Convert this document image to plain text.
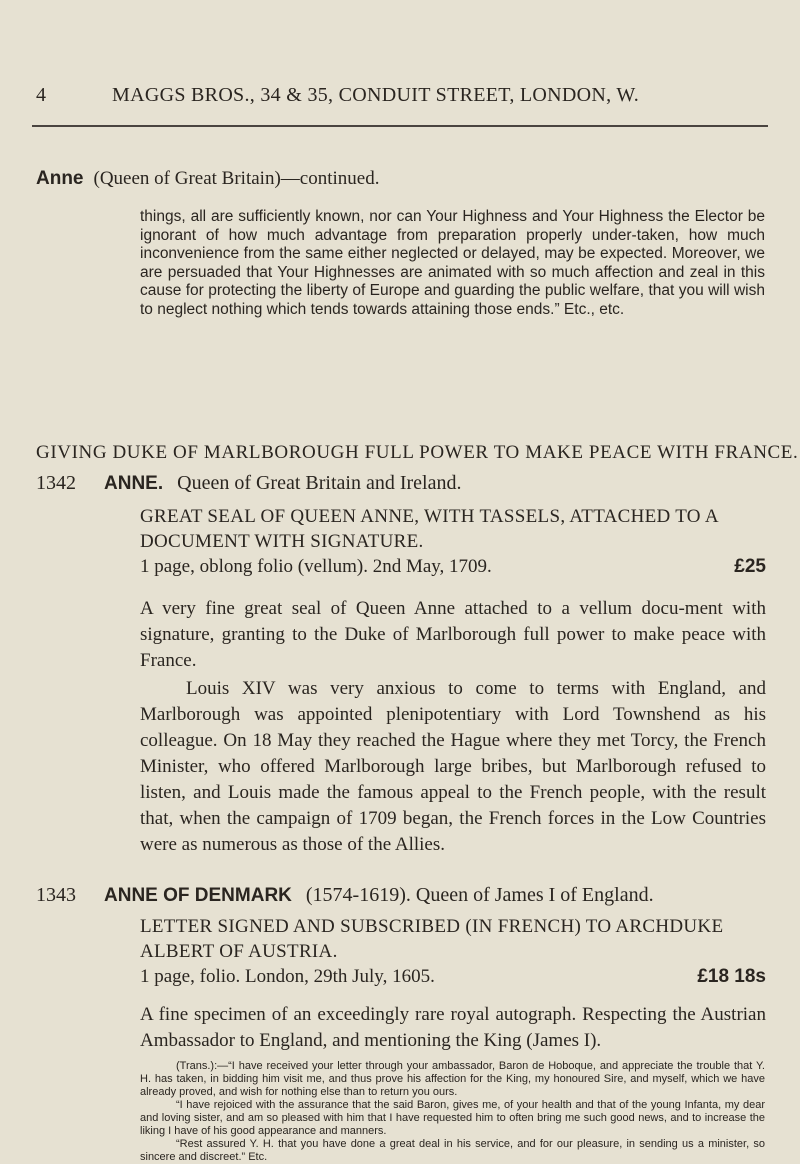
4	MAGGS BROS., 34 & 35, CONDUIT STREET, LONDON, W.
Anne (Queen of Great Britain)—continued.
things, all are sufficiently known, nor can Your Highness and Your Highness the Elector be ignorant of how much advantage from preparation properly under-taken, how much inconvenience from the same either neglected or delayed, may be expected. Moreover, we are persuaded that Your Highnesses are animated with so much affection and zeal in this cause for protecting the liberty of Europe and guarding the public welfare, that you will wish to neglect nothing which tends towards attaining those ends.” Etc., etc.
GIVING DUKE OF MARLBOROUGH FULL POWER TO MAKE PEACE WITH FRANCE.
1342 ANNE. Queen of Great Britain and Ireland.
GREAT SEAL OF QUEEN ANNE, WITH TASSELS, ATTACHED TO A DOCUMENT WITH SIGNATURE.
1 page, oblong folio (vellum). 2nd May, 1709.	£25
A very fine great seal of Queen Anne attached to a vellum docu-ment with signature, granting to the Duke of Marlborough full power to make peace with France.
Louis XIV was very anxious to come to terms with England, and Marlborough was appointed plenipotentiary with Lord Townshend as his colleague. On 18 May they reached the Hague where they met Torcy, the French Minister, who offered Marlborough large bribes, but Marlborough refused to listen, and Louis made the famous appeal to the French people, with the result that, when the campaign of 1709 began, the French forces in the Low Countries were as numerous as those of the Allies.
1343 ANNE OF DENMARK (1574-1619). Queen of James I of England.
LETTER SIGNED AND SUBSCRIBED (IN FRENCH) TO ARCHDUKE ALBERT OF AUSTRIA.
1 page, folio. London, 29th July, 1605.	£18 18s
A fine specimen of an exceedingly rare royal autograph. Respecting the Austrian Ambassador to England, and mentioning the King (James I).

(Trans.):—“I have received your letter through your ambassador, Baron de Hoboque, and appreciate the trouble that Y. H. has taken, in bidding him visit me, and thus prove his affection for the King, my honoured Sire, and myself, which we have already proved, and wish for nothing else than to return you ours.

“I have rejoiced with the assurance that the said Baron, gives me, of your health and that of the young Infanta, my dear and loving sister, and am so pleased with him that I have requested him to often bring me such good news, and to increase the liking I have of his good appearance and manners.

“Rest assured Y. H. that you have done a great deal in his service, and for our pleasure, in sending us a minister, so sincere and discreet.” Etc.
